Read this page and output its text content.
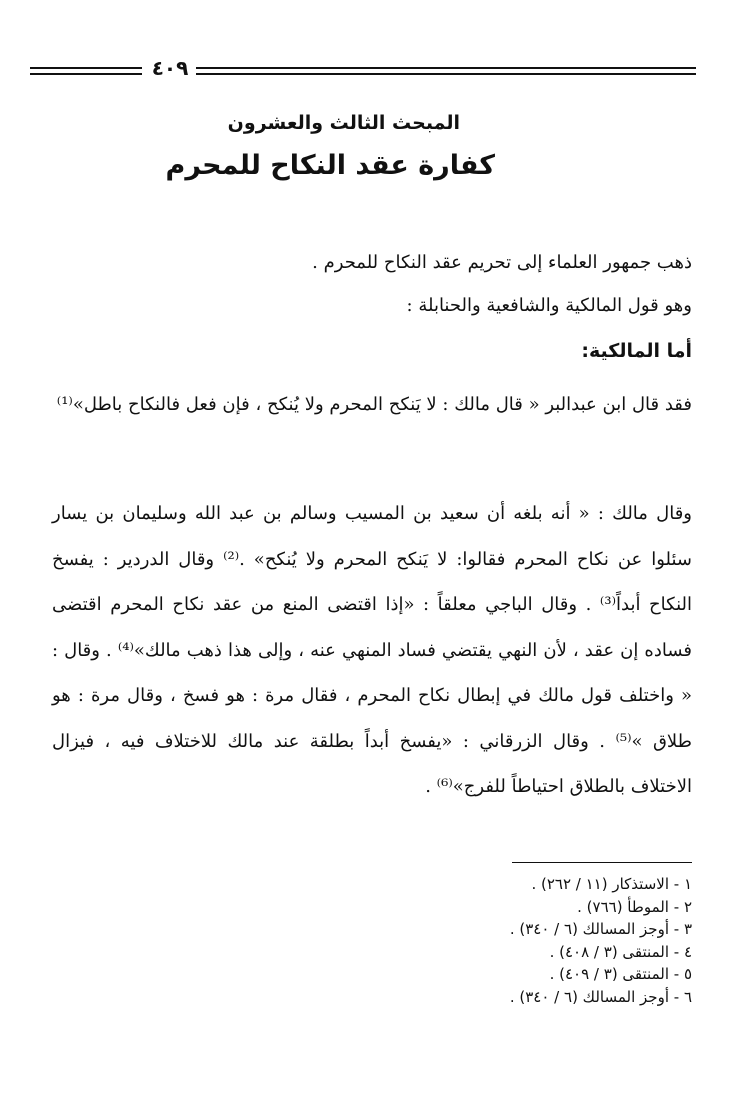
٤٠٩
المبحث الثالث والعشرون
كفارة عقد النكاح للمحرم

ذهب جمهور العلماء إلى تحريم عقد النكاح للمحرم .

وهو قول المالكية والشافعية والحنابلة :

أما المالكية:

فقد قال ابن عبدالبر « قال مالك : لا يَنكح المحرم ولا يُنكح ، فإن فعل فالنكاح باطل»⁽¹⁾

وقال مالك : « أنه بلغه أن سعيد بن المسيب وسالم بن عبد الله وسليمان بن يسار سئلوا عن نكاح المحرم فقالوا: لا يَنكح المحرم ولا يُنكح» .⁽²⁾ وقال الدردير : يفسخ النكاح أبداً⁽³⁾ . وقال الباجي معلقاً : «إذا اقتضى المنع من عقد نكاح المحرم اقتضى فساده إن عقد ، لأن النهي يقتضي فساد المنهي عنه ، وإلى هذا ذهب مالك»⁽⁴⁾ . وقال : « واختلف قول مالك في إبطال نكاح المحرم ، فقال مرة : هو فسخ ، وقال مرة : هو طلاق »⁽⁵⁾ . وقال الزرقاني : «يفسخ أبداً بطلقة عند مالك للاختلاف فيه ، فيزال الاختلاف بالطلاق احتياطاً للفرج»⁽⁶⁾ .

١ - الاستذكار (١١ / ٢٦٢) .
٢ - الموطأ (٧٦٦) .
٣ - أوجز المسالك (٦ / ٣٤٠) .
٤ - المنتقى (٣ / ٤٠٨) .
٥ - المنتقى (٣ / ٤٠٩) .
٦ - أوجز المسالك (٦ / ٣٤٠) .
